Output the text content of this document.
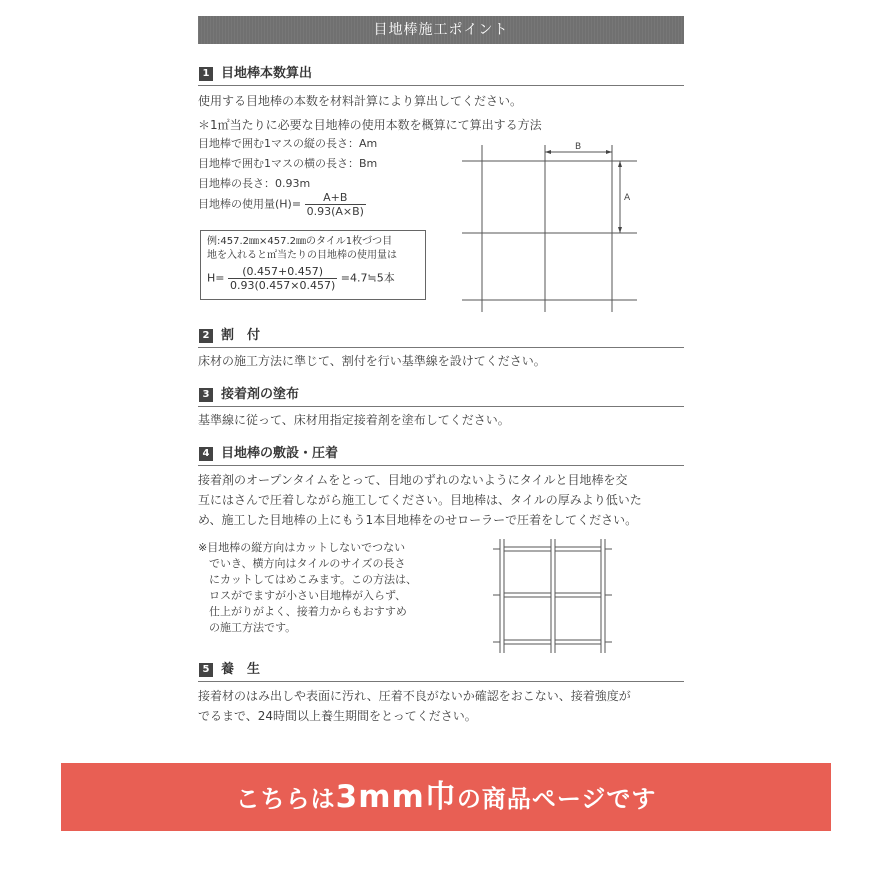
目地棒施工ポイント
1 目地棒本数算出
使用する目地棒の本数を材料計算により算出してください。
＊1㎡当たりに必要な目地棒の使用本数を概算にて算出する方法
目地棒で囲む1マスの縦の長さ：Am
目地棒で囲む1マスの横の長さ：Bm
目地棒の長さ：0.93m
目地棒の使用量$(H)= \frac{A+B}{0.93(A\times B)}$
例:457.2㎜×457.2㎜のタイル1枚づつ目
地を入れると㎡当たりの目地棒の使用量は
$H= \frac{(0.457+0.457)}{0.93(0.457\times 0.457)}$ =4.7≒5本
B
A
2 割　付
床材の施工方法に準じて、割付を行い基準線を設けてください。
3 接着剤の塗布
基準線に従って、床材用指定接着剤を塗布してください。
4 目地棒の敷設・圧着
接着剤のオープンタイムをとって、目地のずれのないようにタイルと目地棒を交
互にはさんで圧着しながら施工してください。目地棒は、タイルの厚みより低いた
め、施工した目地棒の上にもう1本目地棒をのせローラーで圧着をしてください。
※目地棒の縦方向はカットしないでつない
　でいき、横方向はタイルのサイズの長さ
　にカットしてはめこみます。この方法は、
　ロスがでますが小さい目地棒が入らず、
　仕上がりがよく、接着力からもおすすめ
　の施工方法です。
5 養　生
接着材のはみ出しや表面に汚れ、圧着不良がないか確認をおこない、接着強度が
でるまで、24時間以上養生期間をとってください。
こちらは3mm巾の商品ページです
